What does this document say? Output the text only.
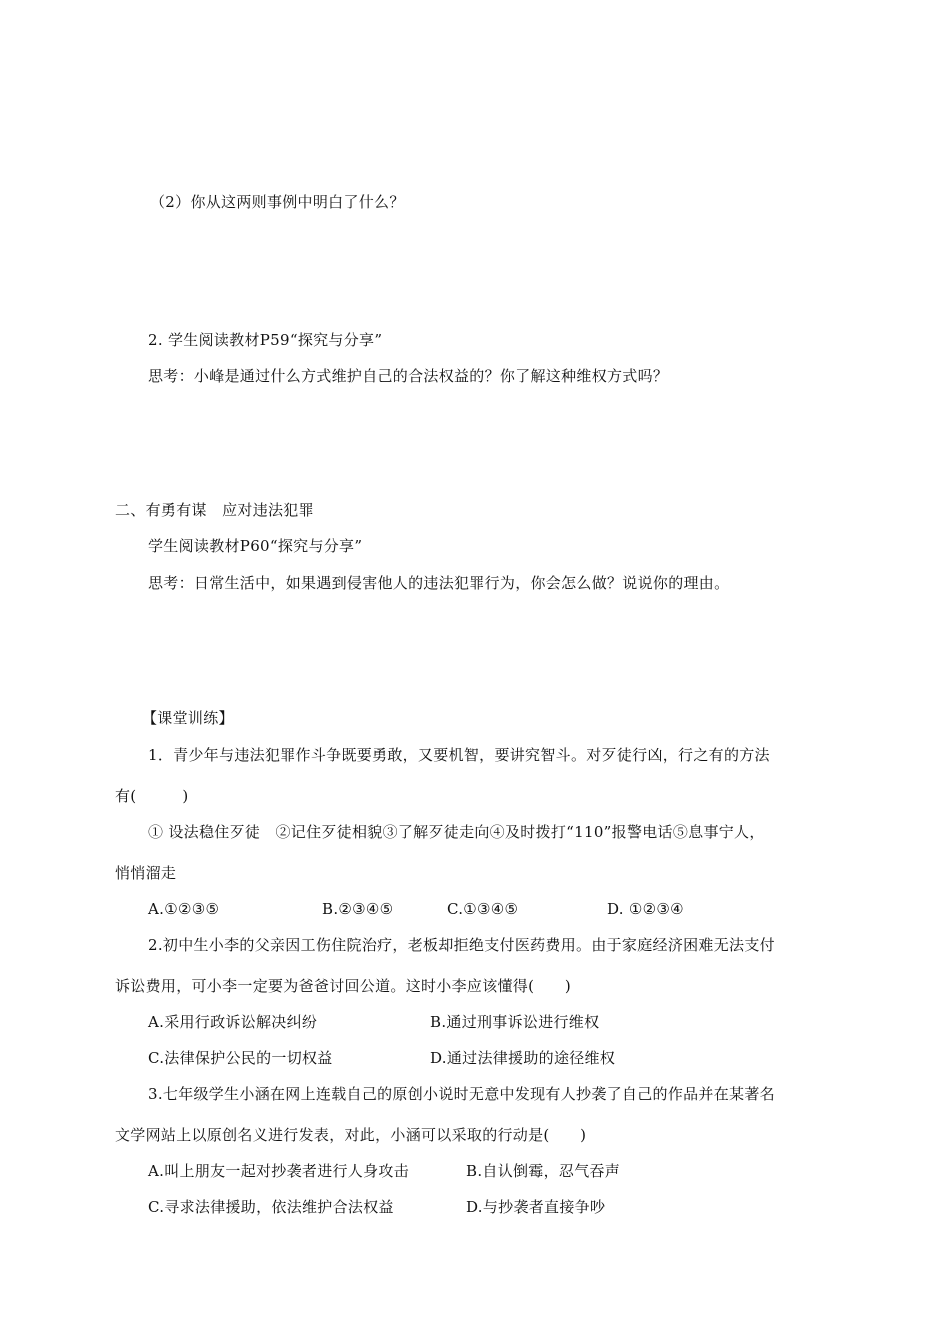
（2）你从这两则事例中明白了什么？
2. 学生阅读教材P59“探究与分享”
思考：小峰是通过什么方式维护自己的合法权益的？你了解这种维权方式吗？
二、有勇有谋　应对违法犯罪
学生阅读教材P60“探究与分享”
思考：日常生活中，如果遇到侵害他人的违法犯罪行为，你会怎么做？说说你的理由。
【课堂训练】
1．青少年与违法犯罪作斗争既要勇敢，又要机智，要讲究智斗。对歹徒行凶，行之有的方法
有(　　　)
① 设法稳住歹徒　②记住歹徒相貌③了解歹徒走向④及时拨打“110”报警电话⑤息事宁人，
悄悄溜走
A.①②③⑤	B.②③④⑤	C.①③④⑤	D. ①②③④
2.初中生小李的父亲因工伤住院治疗，老板却拒绝支付医药费用。由于家庭经济困难无法支付
诉讼费用，可小李一定要为爸爸讨回公道。这时小李应该懂得(　　)
A.采用行政诉讼解决纠纷	B.通过刑事诉讼进行维权
C.法律保护公民的一切权益	D.通过法律援助的途径维权
3.七年级学生小涵在网上连载自己的原创小说时无意中发现有人抄袭了自己的作品并在某著名
文学网站上以原创名义进行发表，对此，小涵可以采取的行动是(　　)
A.叫上朋友一起对抄袭者进行人身攻击	B.自认倒霉，忍气吞声
C.寻求法律援助，依法维护合法权益	D.与抄袭者直接争吵
